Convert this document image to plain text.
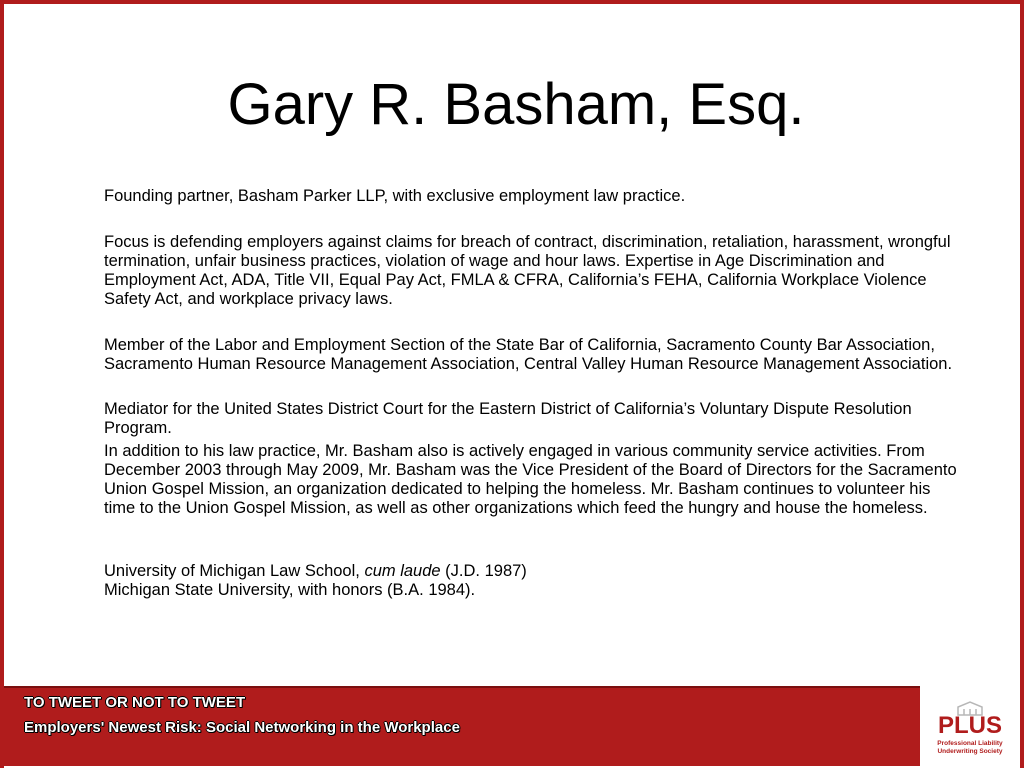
Gary R. Basham, Esq.

Founding partner, Basham Parker LLP, with exclusive employment law practice.

Focus is defending employers against claims for breach of contract, discrimination, retaliation, harassment, wrongful termination, unfair business practices, violation of wage and hour laws. Expertise in Age Discrimination and Employment Act, ADA, Title VII, Equal Pay Act, FMLA & CFRA, California’s FEHA, California Workplace Violence Safety Act, and workplace privacy laws.

Member of the Labor and Employment Section of the State Bar of California, Sacramento County Bar Association, Sacramento Human Resource Management Association, Central Valley Human Resource Management Association.

Mediator for the United States District Court for the Eastern District of California’s Voluntary Dispute Resolution Program.

In addition to his law practice, Mr. Basham also is actively engaged in various community service activities. From December 2003 through May 2009, Mr. Basham was the Vice President of the Board of Directors for the Sacramento Union Gospel Mission, an organization dedicated to helping the homeless. Mr. Basham continues to volunteer his time to the Union Gospel Mission, as well as other organizations which feed the hungry and house the homeless.

University of Michigan Law School, cum laude (J.D. 1987)

Michigan State University, with honors (B.A. 1984).

TO TWEET OR NOT TO TWEET
Employers' Newest Risk: Social Networking in the Workplace	PLUS
Professional Liability
Underwriting Society
